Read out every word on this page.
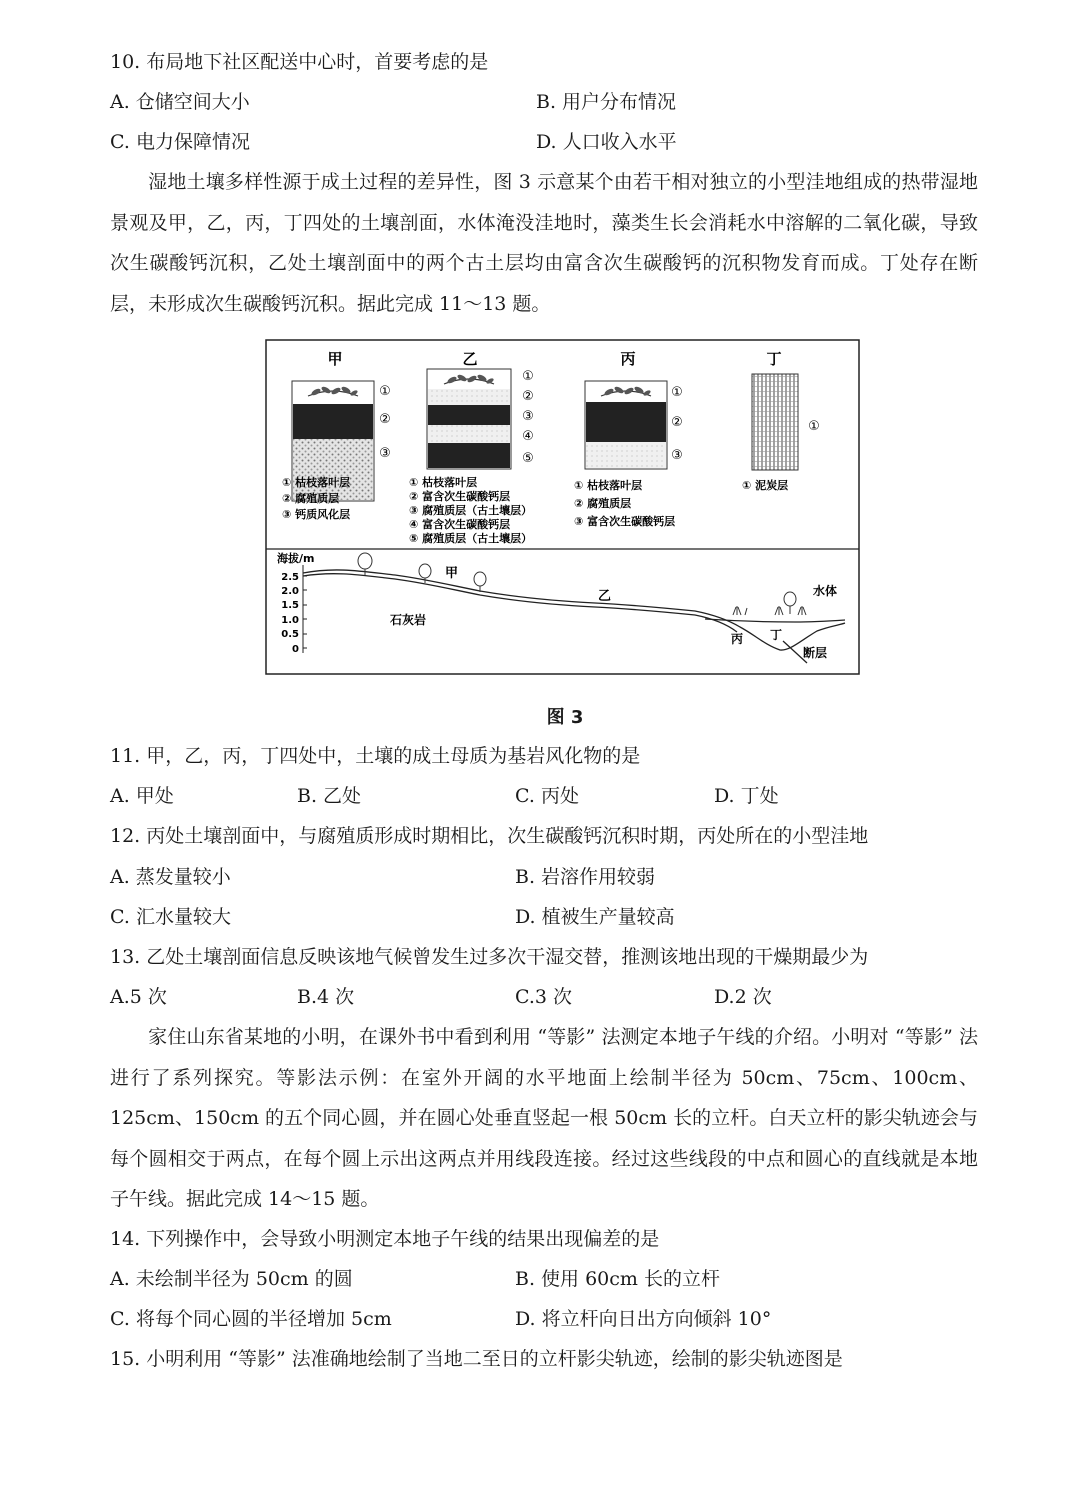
10. 布局地下社区配送中心时，首要考虑的是
A. 仓储空间大小	B. 用户分布情况
C. 电力保障情况	D. 人口收入水平
湿地土壤多样性源于成土过程的差异性，图 3 示意某个由若干相对独立的小型洼地组成的热带湿地景观及甲，乙，丙，丁四处的土壤剖面，水体淹没洼地时，藻类生长会消耗水中溶解的二氧化碳，导致次生碳酸钙沉积，乙处土壤剖面中的两个古土层均由富含次生碳酸钙的沉积物发育而成。丁处存在断层，未形成次生碳酸钙沉积。据此完成 11～13 题。
甲
①
②
③
① 枯枝落叶层
② 腐殖质层
③ 钙质风化层
乙
①
②
③
④
⑤
① 枯枝落叶层
② 富含次生碳酸钙层
③ 腐殖质层（古土壤层）
④ 富含次生碳酸钙层
⑤ 腐殖质层（古土壤层）
丙
①
②
③
① 枯枝落叶层
② 腐殖质层
③ 富含次生碳酸钙层
丁
①
① 泥炭层
海拔/m
2.5
2.0
1.5
1.0
0.5
0
甲
乙
丙 丁
水体
断层
石灰岩
图 3
11. 甲，乙，丙，丁四处中，土壤的成土母质为基岩风化物的是
A. 甲处	B. 乙处	C. 丙处	D. 丁处
12. 丙处土壤剖面中，与腐殖质形成时期相比，次生碳酸钙沉积时期，丙处所在的小型洼地
A. 蒸发量较小	B. 岩溶作用较弱
C. 汇水量较大	D. 植被生产量较高
13. 乙处土壤剖面信息反映该地气候曾发生过多次干湿交替，推测该地出现的干燥期最少为
A.5 次	B.4 次	C.3 次	D.2 次
家住山东省某地的小明，在课外书中看到利用 “等影” 法测定本地子午线的介绍。小明对 “等影” 法进行了系列探究。等影法示例：在室外开阔的水平地面上绘制半径为 50cm、75cm、100cm、125cm、150cm 的五个同心圆，并在圆心处垂直竖起一根 50cm 长的立杆。白天立杆的影尖轨迹会与每个圆相交于两点，在每个圆上示出这两点并用线段连接。经过这些线段的中点和圆心的直线就是本地子午线。据此完成 14～15 题。
14. 下列操作中，会导致小明测定本地子午线的结果出现偏差的是
A. 未绘制半径为 50cm 的圆	B. 使用 60cm 长的立杆
C. 将每个同心圆的半径增加 5cm	D. 将立杆向日出方向倾斜 10°
15. 小明利用 “等影” 法准确地绘制了当地二至日的立杆影尖轨迹，绘制的影尖轨迹图是
